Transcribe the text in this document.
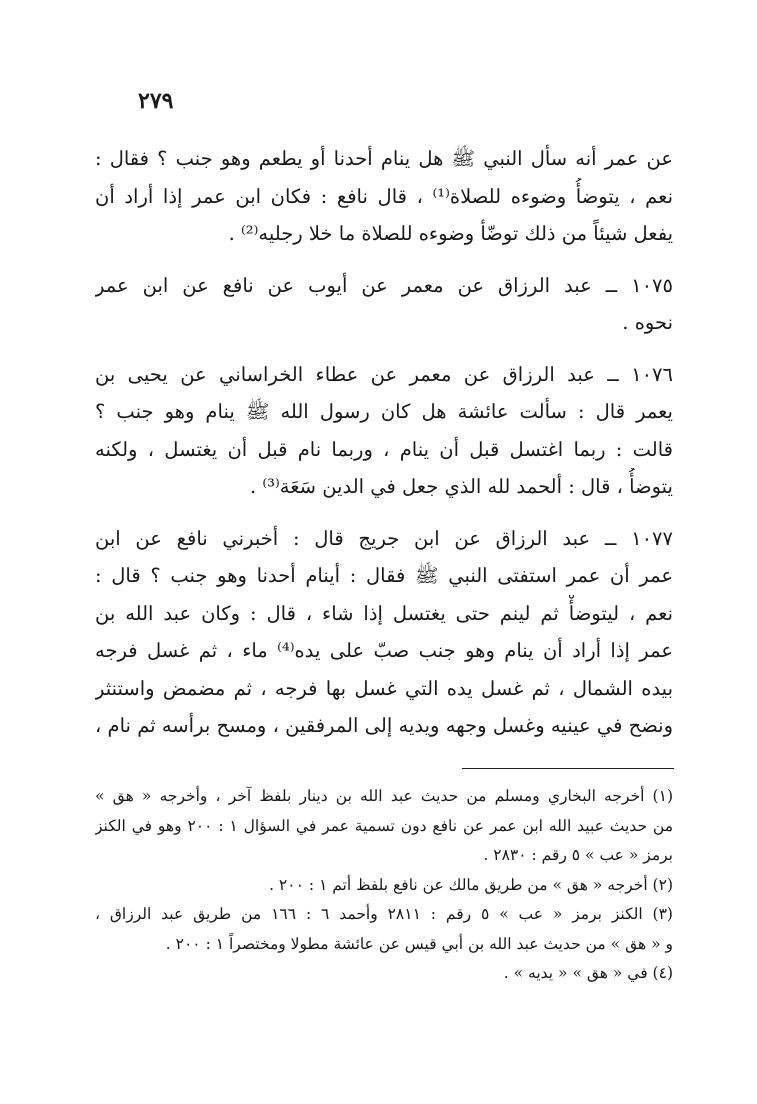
٢٧٩
عن عمر أنه سأل النبي ﷺ هل ينام أحدنا أو يطعم وهو جنب ؟ فقال :
نعم ، يتوضأُ وضوءه للصلاة⁽¹⁾ ، قال نافع : فكان ابن عمر إذا أراد أن
يفعل شيئاً من ذلك توضّأ وضوءه للصلاة ما خلا رجليه⁽²⁾ .
١٠٧٥ ــ عبد الرزاق عن معمر عن أيوب عن نافع عن ابن عمر
نحوه .
١٠٧٦ ــ عبد الرزاق عن معمر عن عطاء الخراساني عن يحيى بن
يعمر قال : سألت عائشة هل كان رسول الله ﷺ ينام وهو جنب ؟
قالت : ربما اغتسل قبل أن ينام ، وربما نام قبل أن يغتسل ، ولكنه
يتوضأُ ، قال : ألحمد لله الذي جعل في الدين سَعَة⁽³⁾ .
١٠٧٧ ــ عبد الرزاق عن ابن جريج قال : أخبرني نافع عن ابن
عمر أن عمر استفتى النبي ﷺ فقال : أينام أحدنا وهو جنب ؟ قال :
نعم ، ليتوضأْ ثم لينم حتى يغتسل إذا شاء ، قال : وكان عبد الله بن
عمر إذا أراد أن ينام وهو جنب صبّ على يده⁽⁴⁾ ماء ، ثم غسل فرجه
بيده الشمال ، ثم غسل يده التي غسل بها فرجه ، ثم مضمض واستنثر
ونضح في عينيه وغسل وجهه ويديه إلى المرفقين ، ومسح برأسه ثم نام ،
(١) أخرجه البخاري ومسلم من حديث عبد الله بن دينار بلفظ آخر ، وأخرجه « هق »
من حديث عبيد الله ابن عمر عن نافع دون تسمية عمر في السؤال ١ : ٢٠٠ وهو في الكنز
برمز « عب » ٥ رقم : ٢٨٣٠ .
(٢) أخرجه « هق » من طريق مالك عن نافع بلفظ أتم ١ : ٢٠٠ .
(٣) الكنز برمز « عب » ٥ رقم : ٢٨١١ وأحمد ٦ : ١٦٦ من طريق عبد الرزاق ،
و « هق » من حديث عبد الله بن أبي قيس عن عائشة مطولا ومختصراً ١ : ٢٠٠ .
(٤) في « هق » « يديه » .
